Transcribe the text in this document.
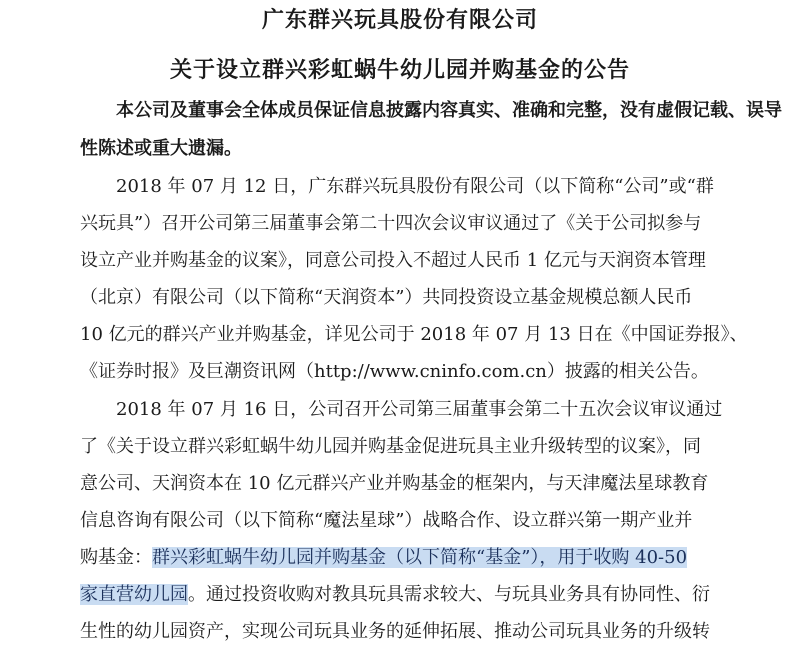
广东群兴玩具股份有限公司
关于设立群兴彩虹蜗牛幼儿园并购基金的公告
本公司及董事会全体成员保证信息披露内容真实、准确和完整，没有虚假记载、误导
性陈述或重大遗漏。
2018 年 07 月 12 日，广东群兴玩具股份有限公司（以下简称“公司”或“群
兴玩具”）召开公司第三届董事会第二十四次会议审议通过了《关于公司拟参与
设立产业并购基金的议案》，同意公司投入不超过人民币 1 亿元与天润资本管理
（北京）有限公司（以下简称“天润资本”）共同投资设立基金规模总额人民币
10 亿元的群兴产业并购基金，详见公司于 2018 年 07 月 13 日在《中国证券报》、
《证券时报》及巨潮资讯网（http://www.cninfo.com.cn）披露的相关公告。
2018 年 07 月 16 日，公司召开公司第三届董事会第二十五次会议审议通过
了《关于设立群兴彩虹蜗牛幼儿园并购基金促进玩具主业升级转型的议案》，同
意公司、天润资本在 10 亿元群兴产业并购基金的框架内，与天津魔法星球教育
信息咨询有限公司（以下简称“魔法星球”）战略合作、设立群兴第一期产业并
购基金：群兴彩虹蜗牛幼儿园并购基金（以下简称“基金”），用于收购 40-50
家直营幼儿园。通过投资收购对教具玩具需求较大、与玩具业务具有协同性、衍
生性的幼儿园资产，实现公司玩具业务的延伸拓展、推动公司玩具业务的升级转
